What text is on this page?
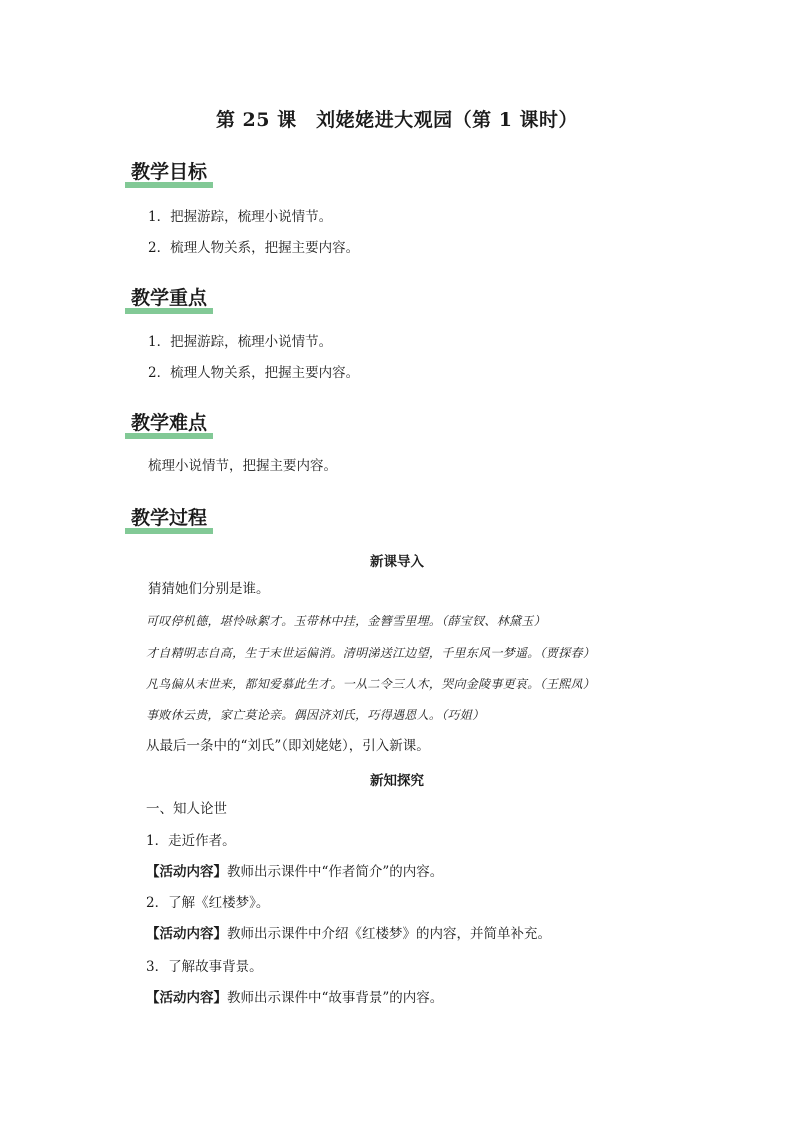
第 25 课　刘姥姥进大观园（第 1 课时）
教学目标
1．把握游踪，梳理小说情节。
2．梳理人物关系，把握主要内容。
教学重点
1．把握游踪，梳理小说情节。
2．梳理人物关系，把握主要内容。
教学难点
梳理小说情节，把握主要内容。
教学过程
新课导入
猜猜她们分别是谁。
可叹停机德，堪怜咏絮才。玉带林中挂，金簪雪里埋。（薛宝钗、林黛玉）
才自精明志自高，生于末世运偏消。清明涕送江边望，千里东风一梦遥。（贾探春）
凡鸟偏从末世来，都知爱慕此生才。一从二令三人木，哭向金陵事更哀。（王熙凤）
事败休云贵，家亡莫论亲。偶因济刘氏，巧得遇恩人。（巧姐）
从最后一条中的“刘氏”（即刘姥姥），引入新课。
新知探究
一、知人论世
1．走近作者。
【活动内容】教师出示课件中“作者简介”的内容。
2．了解《红楼梦》。
【活动内容】教师出示课件中介绍《红楼梦》的内容，并简单补充。
3．了解故事背景。
【活动内容】教师出示课件中“故事背景”的内容。
